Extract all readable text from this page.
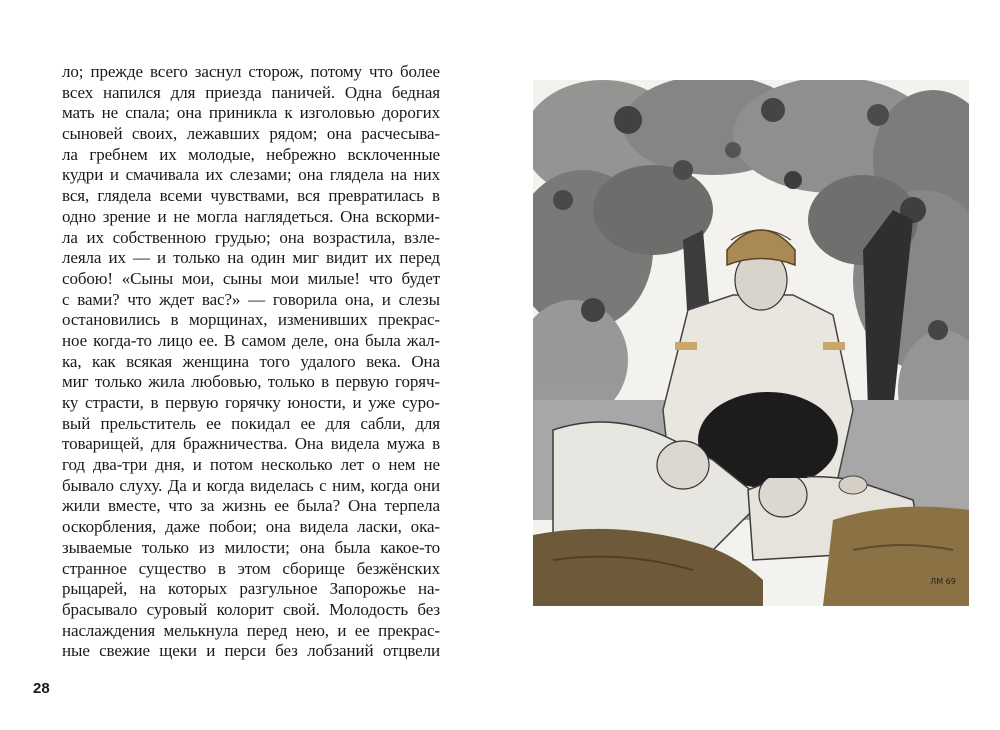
ло; прежде всего заснул сторож, потому что более
всех напился для приезда паничей. Одна бедная
мать не спала; она приникла к изголовью дорогих
сыновей своих, лежавших рядом; она расчесыва-
ла гребнем их молодые, небрежно всклоченные
кудри и смачивала их слезами; она глядела на них
вся, глядела всеми чувствами, вся превратилась в
одно зрение и не могла наглядеться. Она вскорми-
ла их собственною грудью; она возрастила, взле-
леяла их — и только на один миг видит их перед
собою! «Сыны мои, сыны мои милые! что будет
с вами? что ждет вас?» — говорила она, и слезы
остановились в морщинах, изменивших прекрас-
ное когда-то лицо ее. В самом деле, она была жал-
ка, как всякая женщина того удалого века. Она
миг только жила любовью, только в первую горяч-
ку страсти, в первую горячку юности, и уже суро-
вый прельститель ее покидал ее для сабли, для
товарищей, для бражничества. Она видела мужа в
год два-три дня, и потом несколько лет о нем не
бывало слуху. Да и когда виделась с ним, когда они
жили вместе, что за жизнь ее была? Она терпела
оскорбления, даже побои; она видела ласки, ока-
зываемые только из милости; она была какое-то
странное существо в этом сборище безжёнских
рыцарей, на которых разгульное Запорожье на-
брасывало суровый колорит свой. Молодость без
наслаждения мелькнула перед нею, и ее прекрас-
ные свежие щеки и перси без лобзаний отцвели
28
ЛМ 69
